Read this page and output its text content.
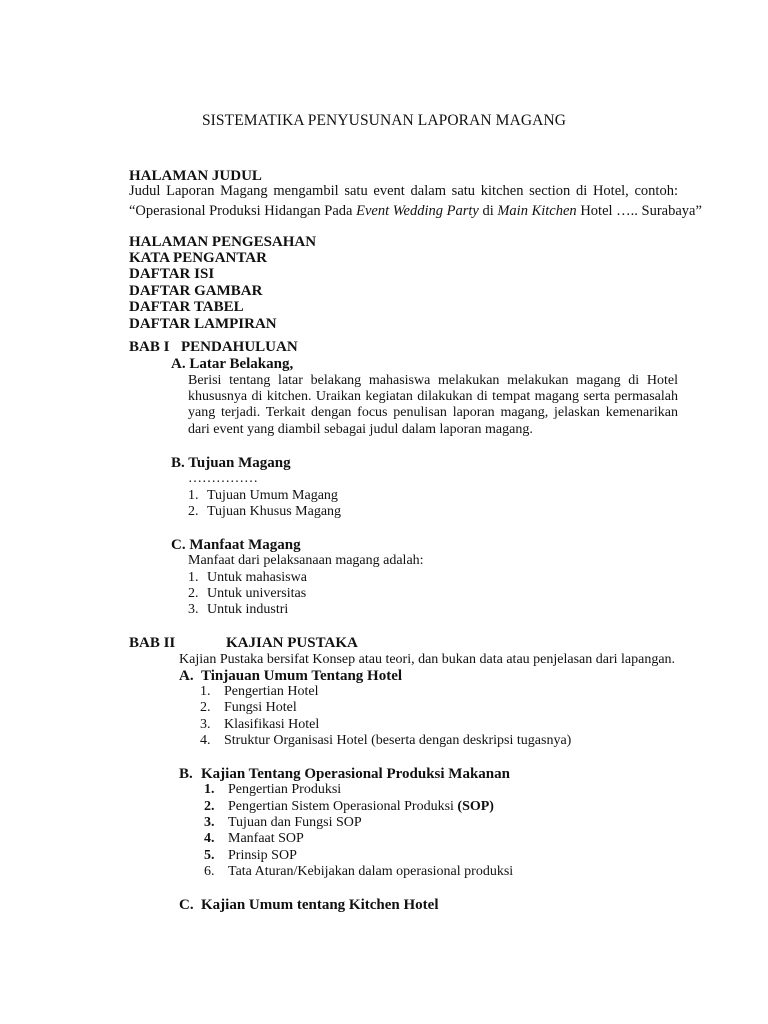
SISTEMATIKA PENYUSUNAN LAPORAN MAGANG
HALAMAN JUDUL
Judul Laporan Magang mengambil satu event dalam satu kitchen section di Hotel, contoh:
“Operasional Produksi Hidangan Pada Event Wedding Party di Main Kitchen Hotel ….. Surabaya”
HALAMAN PENGESAHAN
KATA PENGANTAR
DAFTAR ISI
DAFTAR GAMBAR
DAFTAR TABEL
DAFTAR LAMPIRAN
BAB I PENDAHULUAN
A. Latar Belakang,
Berisi tentang latar belakang mahasiswa melakukan melakukan magang di Hotel
khususnya di kitchen. Uraikan kegiatan dilakukan di tempat magang serta permasalah
yang terjadi. Terkait dengan focus penulisan laporan magang, jelaskan kemenarikan
dari event yang diambil sebagai judul dalam laporan magang.
B. Tujuan Magang
……………
1. Tujuan Umum Magang
2. Tujuan Khusus Magang
C. Manfaat Magang
Manfaat dari pelaksanaan magang adalah:
1. Untuk mahasiswa
2. Untuk universitas
3. Untuk industri
BAB II	KAJIAN PUSTAKA
Kajian Pustaka bersifat Konsep atau teori, dan bukan data atau penjelasan dari lapangan.
A. Tinjauan Umum Tentang Hotel
1. Pengertian Hotel
2. Fungsi Hotel
3. Klasifikasi Hotel
4. Struktur Organisasi Hotel (beserta dengan deskripsi tugasnya)
B. Kajian Tentang Operasional Produksi Makanan
1. Pengertian Produksi
2. Pengertian Sistem Operasional Produksi (SOP)
3. Tujuan dan Fungsi SOP
4. Manfaat SOP
5. Prinsip SOP
6. Tata Aturan/Kebijakan dalam operasional produksi
C. Kajian Umum tentang Kitchen Hotel
